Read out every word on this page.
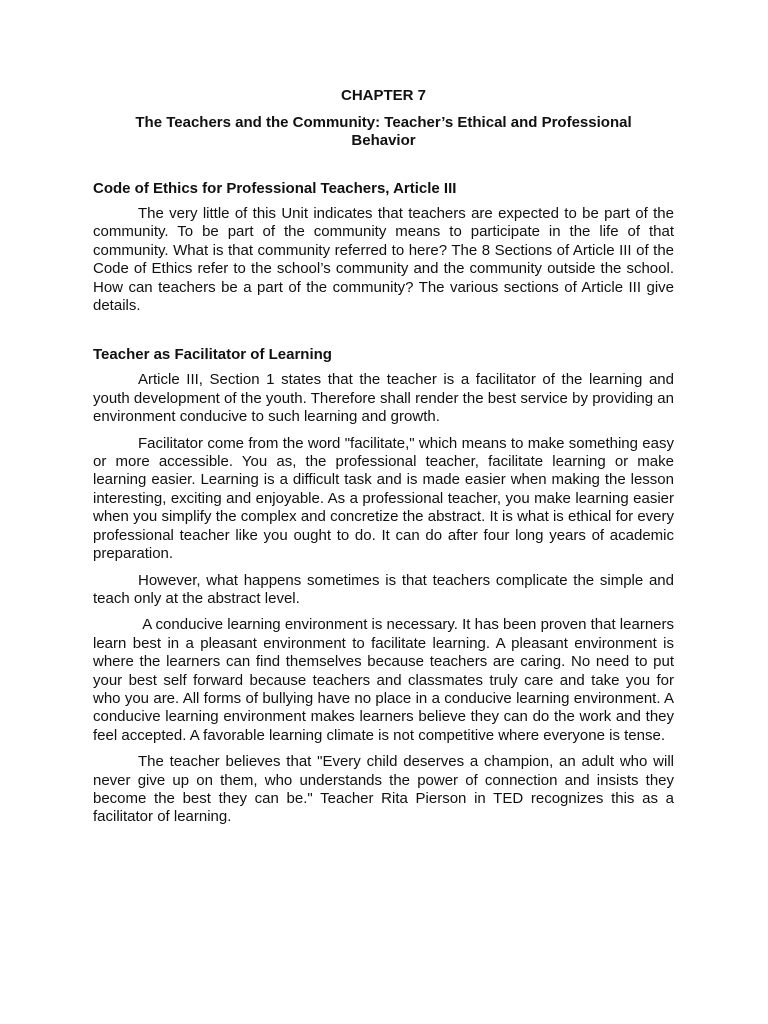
CHAPTER 7
The Teachers and the Community: Teacher’s Ethical and Professional Behavior
Code of Ethics for Professional Teachers, Article III

The very little of this Unit indicates that teachers are expected to be part of the community. To be part of the community means to participate in the life of that community. What is that community referred to here? The 8 Sections of Article III of the Code of Ethics refer to the school’s community and the community outside the school. How can teachers be a part of the community? The various sections of Article III give details.

Teacher as Facilitator of Learning

Article III, Section 1 states that the teacher is a facilitator of the learning and youth development of the youth. Therefore shall render the best service by providing an environment conducive to such learning and growth.

Facilitator come from the word "facilitate," which means to make something easy or more accessible. You as, the professional teacher, facilitate learning or make learning easier. Learning is a difficult task and is made easier when making the lesson interesting, exciting and enjoyable. As a professional teacher, you make learning easier when you simplify the complex and concretize the abstract. It is what is ethical for every professional teacher like you ought to do. It can do after four long years of academic preparation.

However, what happens sometimes is that teachers complicate the simple and teach only at the abstract level.

A conducive learning environment is necessary. It has been proven that learners learn best in a pleasant environment to facilitate learning. A pleasant environment is where the learners can find themselves because teachers are caring. No need to put your best self forward because teachers and classmates truly care and take you for who you are. All forms of bullying have no place in a conducive learning environment. A conducive learning environment makes learners believe they can do the work and they feel accepted. A favorable learning climate is not competitive where everyone is tense.

The teacher believes that "Every child deserves a champion, an adult who will never give up on them, who understands the power of connection and insists they become the best they can be." Teacher Rita Pierson in TED recognizes this as a facilitator of learning.
